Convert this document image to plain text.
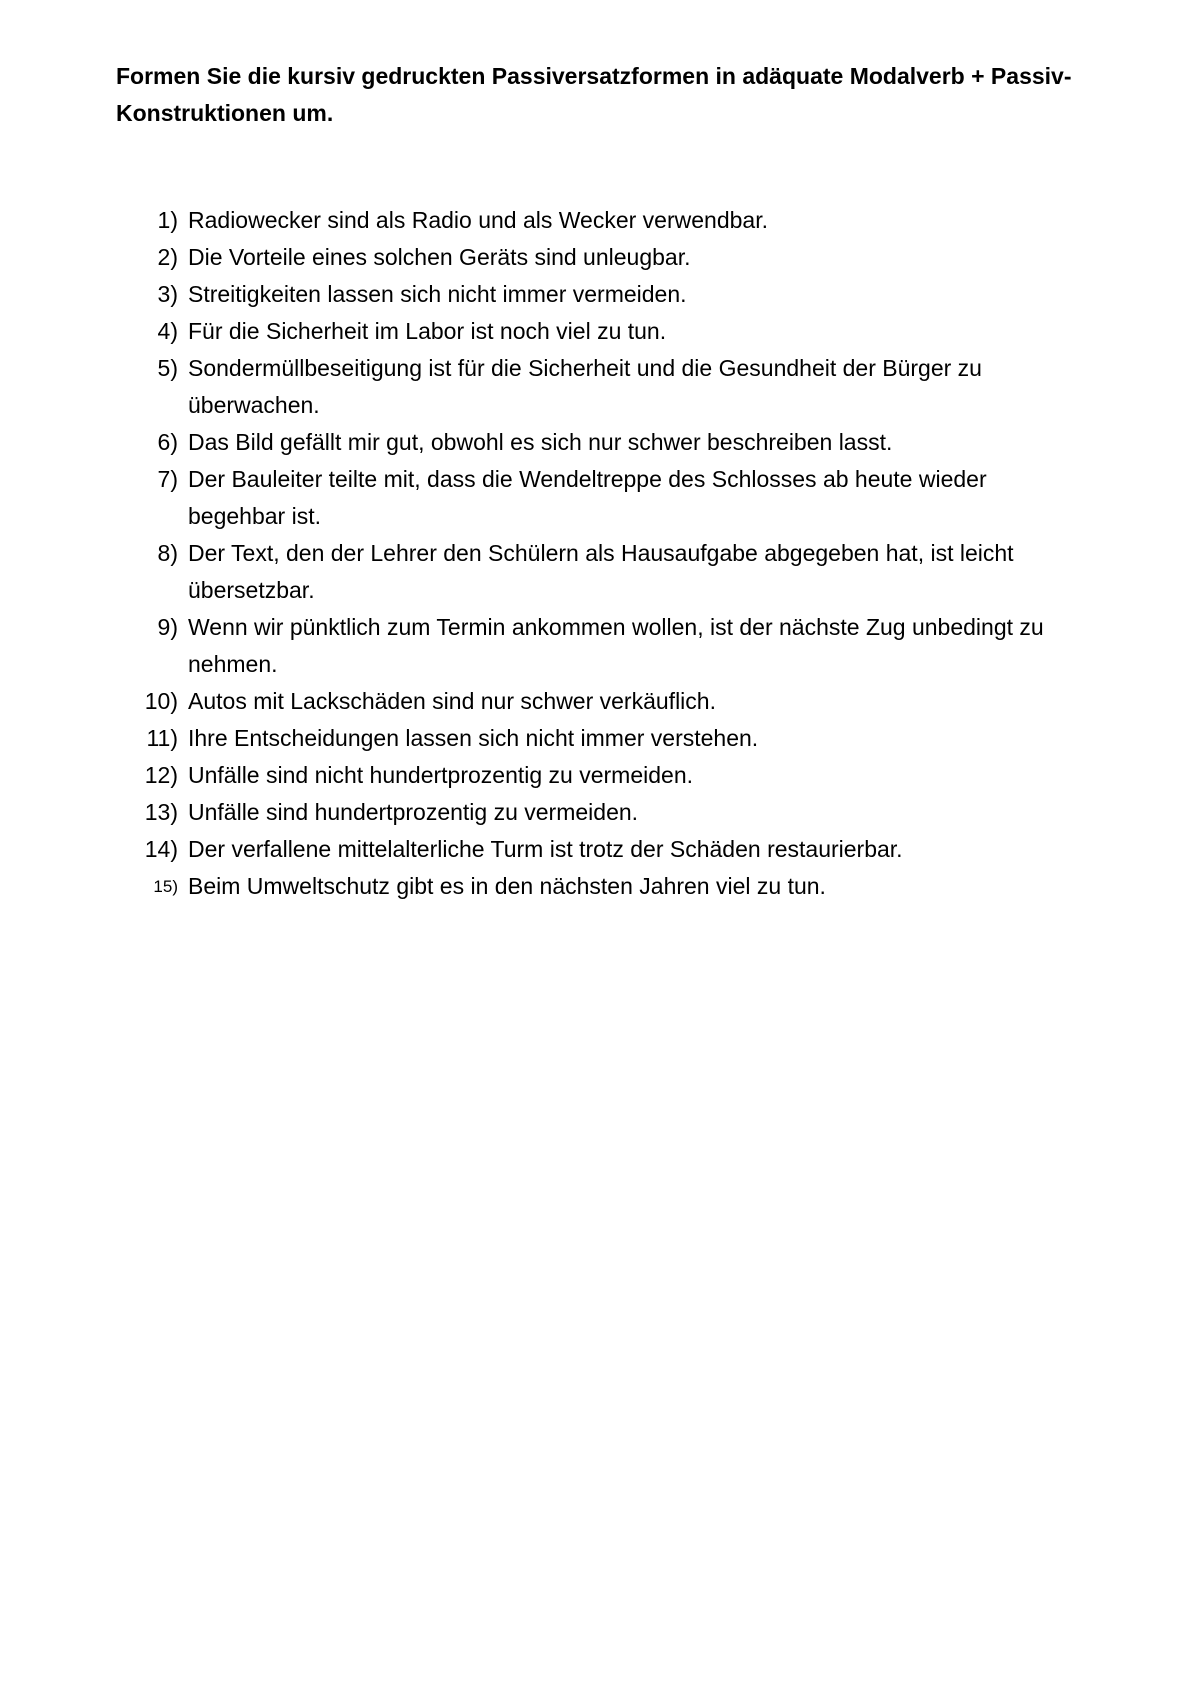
Formen Sie die kursiv gedruckten Passiversatzformen in adäquate Modalverb + Passiv-Konstruktionen um.

1) Radiowecker sind als Radio und als Wecker verwendbar.
2) Die Vorteile eines solchen Geräts sind unleugbar.
3) Streitigkeiten lassen sich nicht immer vermeiden.
4) Für die Sicherheit im Labor ist noch viel zu tun.
5) Sondermüllbeseitigung ist für die Sicherheit und die Gesundheit der Bürger zu überwachen.
6) Das Bild gefällt mir gut, obwohl es sich nur schwer beschreiben lasst.
7) Der Bauleiter teilte mit, dass die Wendeltreppe des Schlosses ab heute wieder begehbar ist.
8) Der Text, den der Lehrer den Schülern als Hausaufgabe abgegeben hat, ist leicht übersetzbar.
9) Wenn wir pünktlich zum Termin ankommen wollen, ist der nächste Zug unbedingt zu nehmen.
10) Autos mit Lackschäden sind nur schwer verkäuflich.
11) Ihre Entscheidungen lassen sich nicht immer verstehen.
12) Unfälle sind nicht hundertprozentig zu vermeiden.
13) Unfälle sind hundertprozentig zu vermeiden.
14) Der verfallene mittelalterliche Turm ist trotz der Schäden restaurierbar.
15) Beim Umweltschutz gibt es in den nächsten Jahren viel zu tun.
